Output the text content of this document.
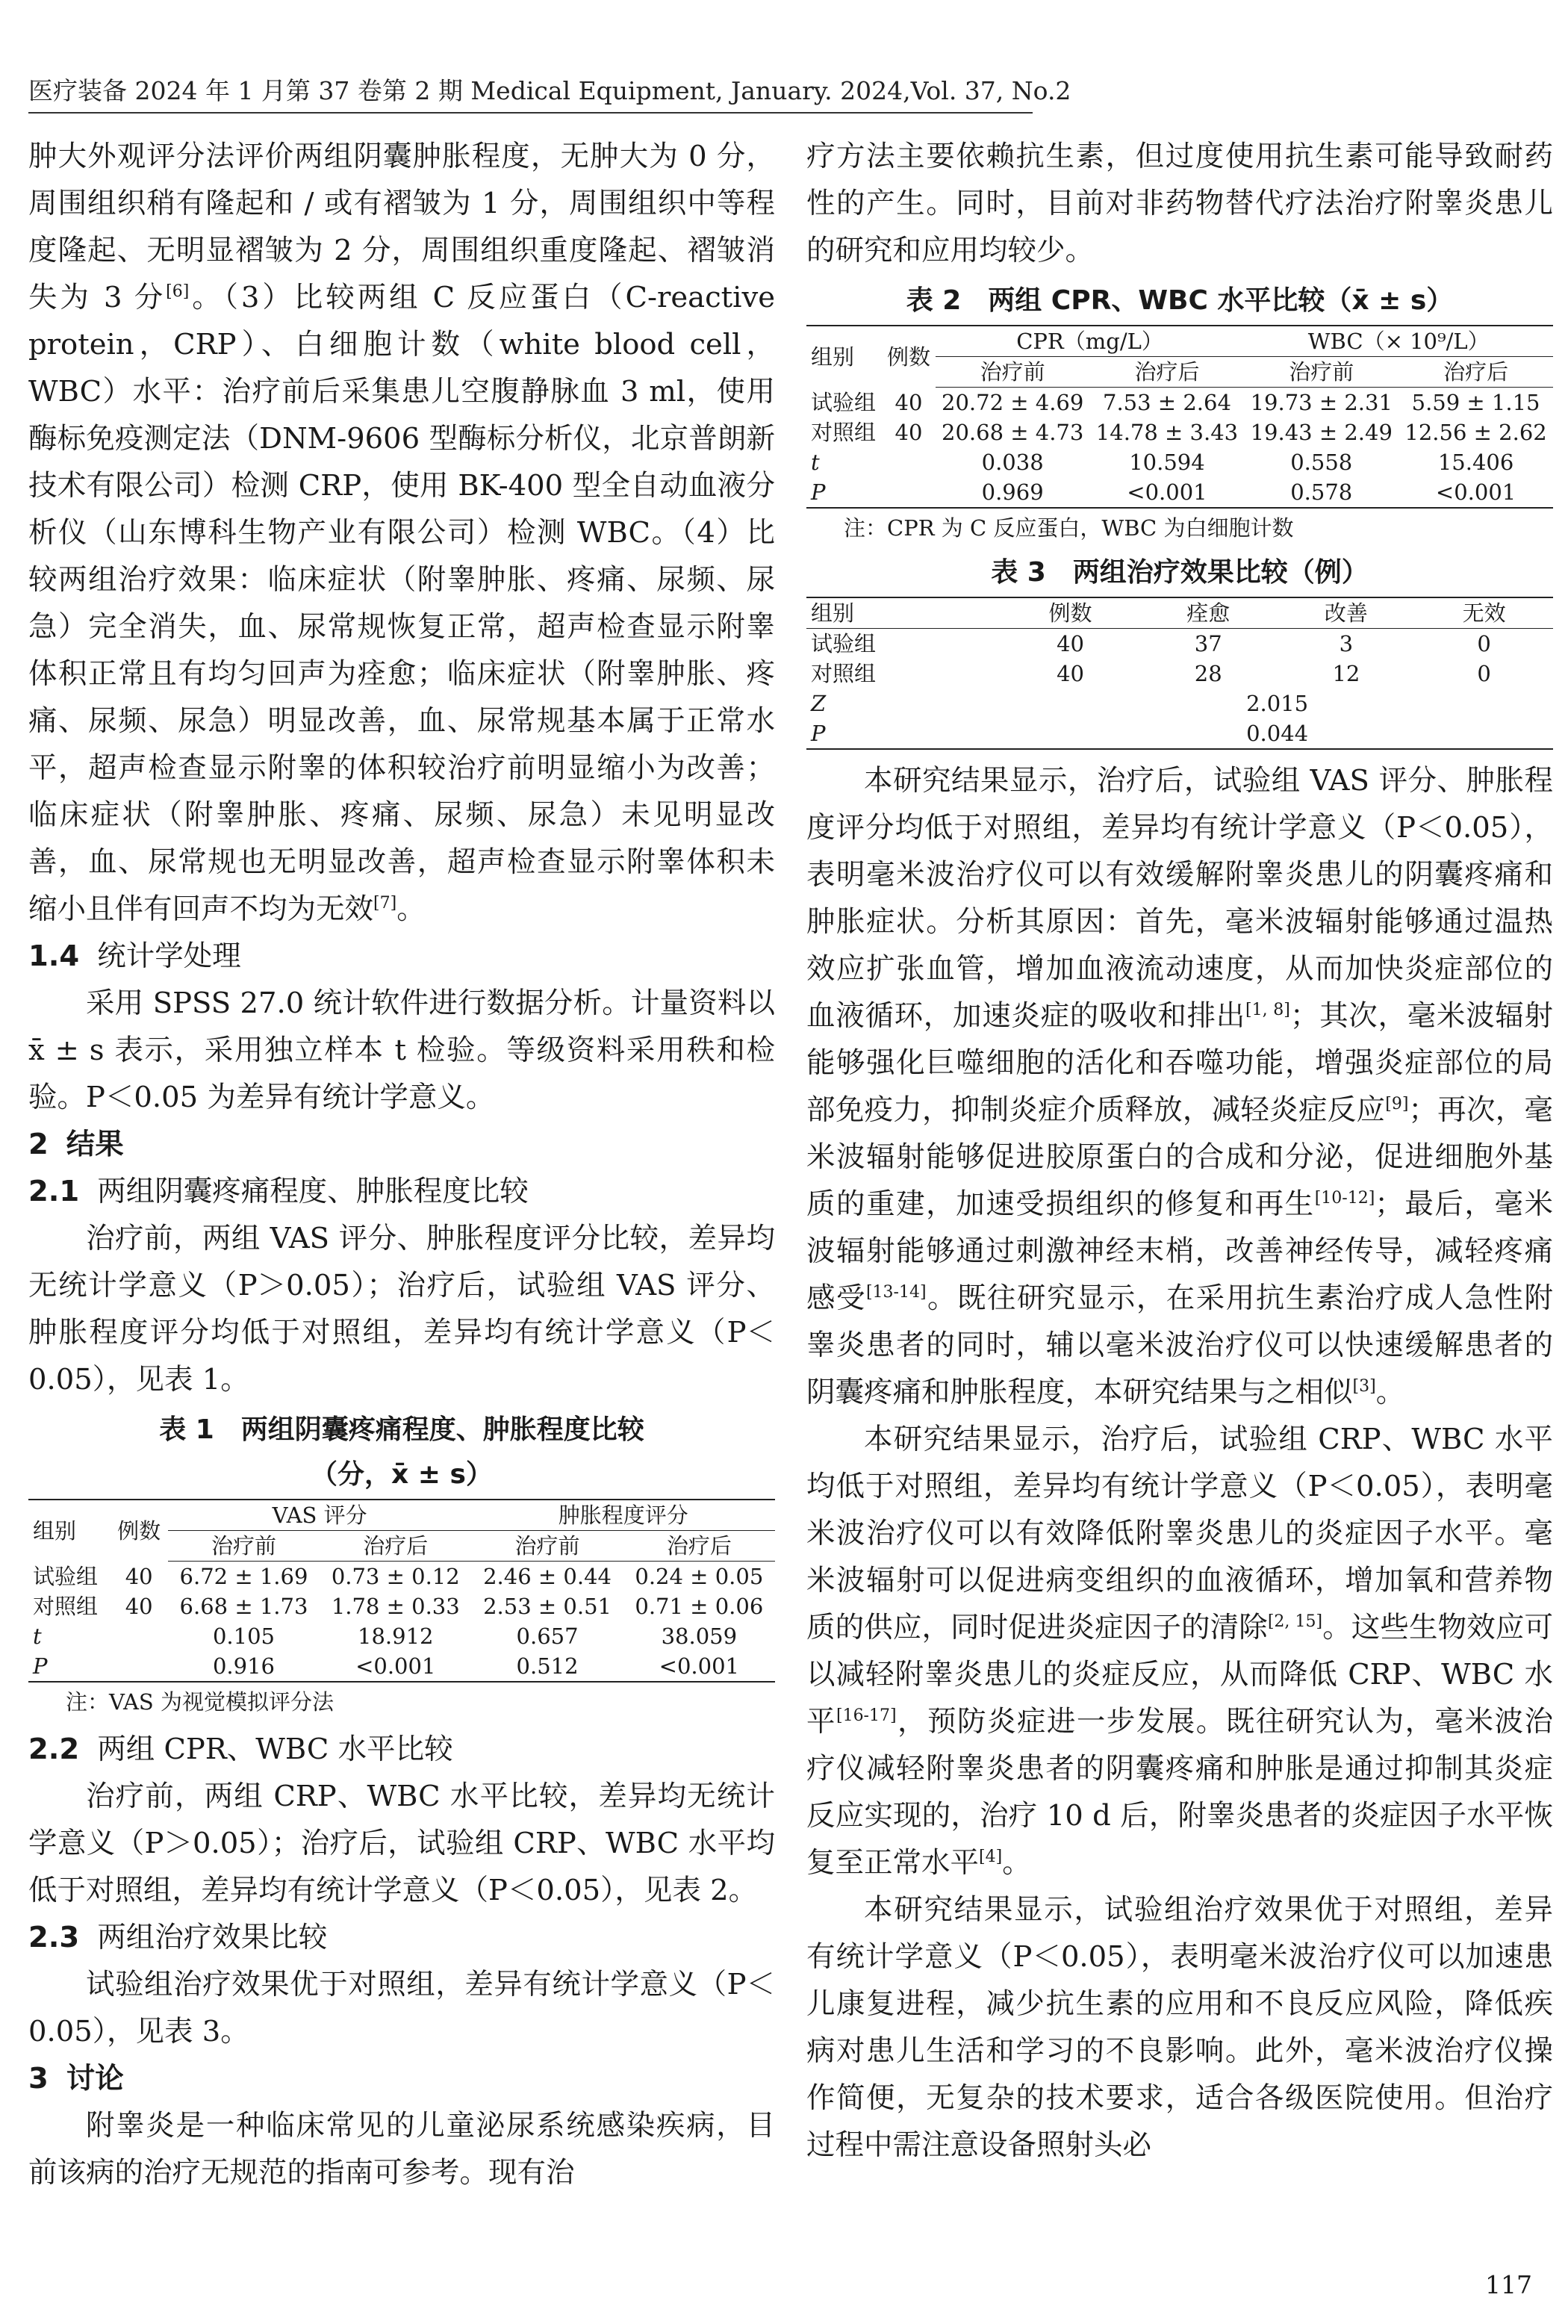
医疗装备 2024 年 1 月第 37 卷第 2 期 Medical Equipment, January. 2024,Vol. 37, No.2

肿大外观评分法评价两组阴囊肿胀程度，无肿大为 0 分，周围组织稍有隆起和 / 或有褶皱为 1 分，周围组织中等程度隆起、无明显褶皱为 2 分，周围组织重度隆起、褶皱消失为 3 分[6]。（3）比较两组 C 反应蛋白（C-reactive protein，CRP）、白细胞计数（white blood cell，WBC）水平：治疗前后采集患儿空腹静脉血 3 ml，使用酶标免疫测定法（DNM-9606 型酶标分析仪，北京普朗新技术有限公司）检测 CRP，使用 BK-400 型全自动血液分析仪（山东博科生物产业有限公司）检测 WBC。（4）比较两组治疗效果：临床症状（附睾肿胀、疼痛、尿频、尿急）完全消失，血、尿常规恢复正常，超声检查显示附睾体积正常且有均匀回声为痊愈；临床症状（附睾肿胀、疼痛、尿频、尿急）明显改善，血、尿常规基本属于正常水平，超声检查显示附睾的体积较治疗前明显缩小为改善；临床症状（附睾肿胀、疼痛、尿频、尿急）未见明显改善，血、尿常规也无明显改善，超声检查显示附睾体积未缩小且伴有回声不均为无效[7]。

1.4 统计学处理

采用 SPSS 27.0 统计软件进行数据分析。计量资料以 x̄ ± s 表示，采用独立样本 t 检验。等级资料采用秩和检验。P＜0.05 为差异有统计学意义。

2 结果
2.1 两组阴囊疼痛程度、肿胀程度比较

治疗前，两组 VAS 评分、肿胀程度评分比较，差异均无统计学意义（P＞0.05）；治疗后，试验组 VAS 评分、肿胀程度评分均低于对照组，差异均有统计学意义（P＜0.05），见表 1。

表 1　两组阴囊疼痛程度、肿胀程度比较
（分，x̄ ± s）
组别	例数	VAS 评分		肿胀程度评分	
		治疗前	治疗后	治疗前	治疗后
试验组	40	6.72 ± 1.69	0.73 ± 0.12	2.46 ± 0.44	0.24 ± 0.05
对照组	40	6.68 ± 1.73	1.78 ± 0.33	2.53 ± 0.51	0.71 ± 0.06
t		0.105	18.912	0.657	38.059
P		0.916	<0.001	0.512	<0.001
注：VAS 为视觉模拟评分法
2.2 两组 CPR、WBC 水平比较

治疗前，两组 CRP、WBC 水平比较，差异均无统计学意义（P＞0.05）；治疗后，试验组 CRP、WBC 水平均低于对照组，差异均有统计学意义（P＜0.05），见表 2。

2.3 两组治疗效果比较

试验组治疗效果优于对照组，差异有统计学意义（P＜0.05），见表 3。

3 讨论

附睾炎是一种临床常见的儿童泌尿系统感染疾病，目前该病的治疗无规范的指南可参考。现有治

疗方法主要依赖抗生素，但过度使用抗生素可能导致耐药性的产生。同时，目前对非药物替代疗法治疗附睾炎患儿的研究和应用均较少。

表 2　两组 CPR、WBC 水平比较（x̄ ± s）
组别	例数	CPR（mg/L）		WBC（× 10⁹/L）	
		治疗前	治疗后	治疗前	治疗后
试验组	40	20.72 ± 4.69	7.53 ± 2.64	19.73 ± 2.31	5.59 ± 1.15
对照组	40	20.68 ± 4.73	14.78 ± 3.43	19.43 ± 2.49	12.56 ± 2.62
t		0.038	10.594	0.558	15.406
P		0.969	<0.001	0.578	<0.001
注：CPR 为 C 反应蛋白，WBC 为白细胞计数
表 3　两组治疗效果比较（例）
组别	例数	痊愈	改善	无效
试验组	40	37	3	0
对照组	40	28	12	0
Z	2.015			
P	0.044			

本研究结果显示，治疗后，试验组 VAS 评分、肿胀程度评分均低于对照组，差异均有统计学意义（P＜0.05），表明毫米波治疗仪可以有效缓解附睾炎患儿的阴囊疼痛和肿胀症状。分析其原因：首先，毫米波辐射能够通过温热效应扩张血管，增加血液流动速度，从而加快炎症部位的血液循环，加速炎症的吸收和排出[1, 8]；其次，毫米波辐射能够强化巨噬细胞的活化和吞噬功能，增强炎症部位的局部免疫力，抑制炎症介质释放，减轻炎症反应[9]；再次，毫米波辐射能够促进胶原蛋白的合成和分泌，促进细胞外基质的重建，加速受损组织的修复和再生[10-12]；最后，毫米波辐射能够通过刺激神经末梢，改善神经传导，减轻疼痛感受[13-14]。既往研究显示，在采用抗生素治疗成人急性附睾炎患者的同时，辅以毫米波治疗仪可以快速缓解患者的阴囊疼痛和肿胀程度，本研究结果与之相似[3]。

本研究结果显示，治疗后，试验组 CRP、WBC 水平均低于对照组，差异均有统计学意义（P＜0.05），表明毫米波治疗仪可以有效降低附睾炎患儿的炎症因子水平。毫米波辐射可以促进病变组织的血液循环，增加氧和营养物质的供应，同时促进炎症因子的清除[2, 15]。这些生物效应可以减轻附睾炎患儿的炎症反应，从而降低 CRP、WBC 水平[16-17]，预防炎症进一步发展。既往研究认为，毫米波治疗仪减轻附睾炎患者的阴囊疼痛和肿胀是通过抑制其炎症反应实现的，治疗 10 d 后，附睾炎患者的炎症因子水平恢复至正常水平[4]。

本研究结果显示，试验组治疗效果优于对照组，差异有统计学意义（P＜0.05），表明毫米波治疗仪可以加速患儿康复进程，减少抗生素的应用和不良反应风险，降低疾病对患儿生活和学习的不良影响。此外，毫米波治疗仪操作简便，无复杂的技术要求，适合各级医院使用。但治疗过程中需注意设备照射头必

117
